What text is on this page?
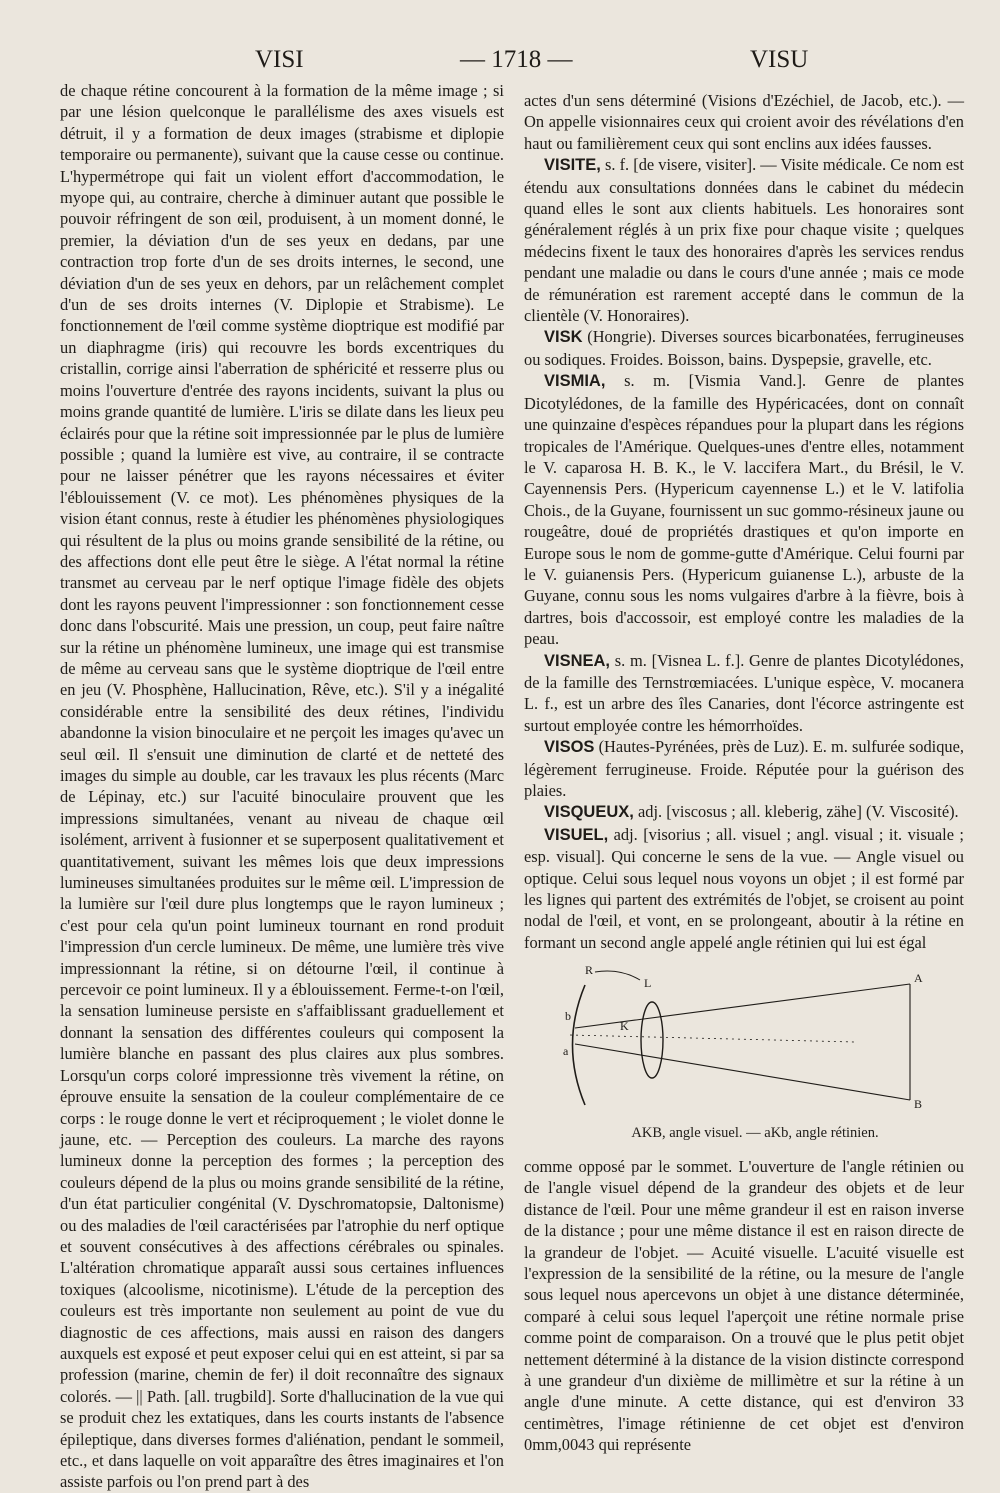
VISI	— 1718 —	VISU

de chaque rétine concourent à la formation de la même image ; si par une lésion quelconque le parallélisme des axes visuels est détruit, il y a formation de deux images (strabisme et diplopie temporaire ou permanente), suivant que la cause cesse ou continue. L'hypermétrope qui fait un violent effort d'accommodation, le myope qui, au contraire, cherche à diminuer autant que possible le pouvoir réfringent de son œil, produisent, à un moment donné, le premier, la déviation d'un de ses yeux en dedans, par une contraction trop forte d'un de ses droits internes, le second, une déviation d'un de ses yeux en dehors, par un relâchement complet d'un de ses droits internes (V. Diplopie et Strabisme). Le fonctionnement de l'œil comme système dioptrique est modifié par un diaphragme (iris) qui recouvre les bords excentriques du cristallin, corrige ainsi l'aberration de sphéricité et resserre plus ou moins l'ouverture d'entrée des rayons incidents, suivant la plus ou moins grande quantité de lumière. L'iris se dilate dans les lieux peu éclairés pour que la rétine soit impressionnée par le plus de lumière possible ; quand la lumière est vive, au contraire, il se contracte pour ne laisser pénétrer que les rayons nécessaires et éviter l'éblouissement (V. ce mot). Les phénomènes physiques de la vision étant connus, reste à étudier les phénomènes physiologiques qui résultent de la plus ou moins grande sensibilité de la rétine, ou des affections dont elle peut être le siège. A l'état normal la rétine transmet au cerveau par le nerf optique l'image fidèle des objets dont les rayons peuvent l'impressionner : son fonctionnement cesse donc dans l'obscurité. Mais une pression, un coup, peut faire naître sur la rétine un phénomène lumineux, une image qui est transmise de même au cerveau sans que le système dioptrique de l'œil entre en jeu (V. Phosphène, Hallucination, Rêve, etc.). S'il y a inégalité considérable entre la sensibilité des deux rétines, l'individu abandonne la vision binoculaire et ne perçoit les images qu'avec un seul œil. Il s'ensuit une diminution de clarté et de netteté des images du simple au double, car les travaux les plus récents (Marc de Lépinay, etc.) sur l'acuité binoculaire prouvent que les impressions simultanées, venant au niveau de chaque œil isolément, arrivent à fusionner et se superposent qualitativement et quantitativement, suivant les mêmes lois que deux impressions lumineuses simultanées produites sur le même œil. L'impression de la lumière sur l'œil dure plus longtemps que le rayon lumineux ; c'est pour cela qu'un point lumineux tournant en rond produit l'impression d'un cercle lumineux. De même, une lumière très vive impressionnant la rétine, si on détourne l'œil, il continue à percevoir ce point lumineux. Il y a éblouissement. Ferme-t-on l'œil, la sensation lumineuse persiste en s'affaiblissant graduellement et donnant la sensation des différentes couleurs qui composent la lumière blanche en passant des plus claires aux plus sombres. Lorsqu'un corps coloré impressionne très vivement la rétine, on éprouve ensuite la sensation de la couleur complémentaire de ce corps : le rouge donne le vert et réciproquement ; le violet donne le jaune, etc. — Perception des couleurs. La marche des rayons lumineux donne la perception des formes ; la perception des couleurs dépend de la plus ou moins grande sensibilité de la rétine, d'un état particulier congénital (V. Dyschromatopsie, Daltonisme) ou des maladies de l'œil caractérisées par l'atrophie du nerf optique et souvent consécutives à des affections cérébrales ou spinales. L'altération chromatique apparaît aussi sous certaines influences toxiques (alcoolisme, nicotinisme). L'étude de la perception des couleurs est très importante non seulement au point de vue du diagnostic de ces affections, mais aussi en raison des dangers auxquels est exposé et peut exposer celui qui en est atteint, si par sa profession (marine, chemin de fer) il doit reconnaître des signaux colorés. — || Path. [all. trugbild]. Sorte d'hallucination de la vue qui se produit chez les extatiques, dans les courts instants de l'absence épileptique, dans diverses formes d'aliénation, pendant le sommeil, etc., et dans laquelle on voit apparaître des êtres imaginaires et l'on assiste parfois ou l'on prend part à des

actes d'un sens déterminé (Visions d'Ezéchiel, de Jacob, etc.). — On appelle visionnaires ceux qui croient avoir des révélations d'en haut ou familièrement ceux qui sont enclins aux idées fausses.

VISITE, s. f. [de visere, visiter]. — Visite médicale. Ce nom est étendu aux consultations données dans le cabinet du médecin quand elles le sont aux clients habituels. Les honoraires sont généralement réglés à un prix fixe pour chaque visite ; quelques médecins fixent le taux des honoraires d'après les services rendus pendant une maladie ou dans le cours d'une année ; mais ce mode de rémunération est rarement accepté dans le commun de la clientèle (V. Honoraires).

VISK (Hongrie). Diverses sources bicarbonatées, ferrugineuses ou sodiques. Froides. Boisson, bains. Dyspepsie, gravelle, etc.

VISMIA, s. m. [Vismia Vand.]. Genre de plantes Dicotylédones, de la famille des Hypéricacées, dont on connaît une quinzaine d'espèces répandues pour la plupart dans les régions tropicales de l'Amérique. Quelques-unes d'entre elles, notamment le V. caparosa H. B. K., le V. laccifera Mart., du Brésil, le V. Cayennensis Pers. (Hypericum cayennense L.) et le V. latifolia Chois., de la Guyane, fournissent un suc gommo-résineux jaune ou rougeâtre, doué de propriétés drastiques et qu'on importe en Europe sous le nom de gomme-gutte d'Amérique. Celui fourni par le V. guianensis Pers. (Hypericum guianense L.), arbuste de la Guyane, connu sous les noms vulgaires d'arbre à la fièvre, bois à dartres, bois d'accossoir, est employé contre les maladies de la peau.

VISNEA, s. m. [Visnea L. f.]. Genre de plantes Dicotylédones, de la famille des Ternstrœmiacées. L'unique espèce, V. mocanera L. f., est un arbre des îles Canaries, dont l'écorce astringente est surtout employée contre les hémorrhoïdes.

VISOS (Hautes-Pyrénées, près de Luz). E. m. sulfurée sodique, légèrement ferrugineuse. Froide. Réputée pour la guérison des plaies.

VISQUEUX, adj. [viscosus ; all. kleberig, zähe] (V. Viscosité).

VISUEL, adj. [visorius ; all. visuel ; angl. visual ; it. visuale ; esp. visual]. Qui concerne le sens de la vue. — Angle visuel ou optique. Celui sous lequel nous voyons un objet ; il est formé par les lignes qui partent des extrémités de l'objet, se croisent au point nodal de l'œil, et vont, en se prolongeant, aboutir à la rétine en formant un second angle appelé angle rétinien qui lui est égal

R
L
K
A
B
b
a
AKB, angle visuel. — aKb, angle rétinien.

comme opposé par le sommet. L'ouverture de l'angle rétinien ou de l'angle visuel dépend de la grandeur des objets et de leur distance de l'œil. Pour une même grandeur il est en raison inverse de la distance ; pour une même distance il est en raison directe de la grandeur de l'objet. — Acuité visuelle. L'acuité visuelle est l'expression de la sensibilité de la rétine, ou la mesure de l'angle sous lequel nous apercevons un objet à une distance déterminée, comparé à celui sous lequel l'aperçoit une rétine normale prise comme point de comparaison. On a trouvé que le plus petit objet nettement déterminé à la distance de la vision distincte correspond à une grandeur d'un dixième de millimètre et sur la rétine à un angle d'une minute. A cette distance, qui est d'environ 33 centimètres, l'image rétinienne de cet objet est d'environ 0mm,0043 qui représente
